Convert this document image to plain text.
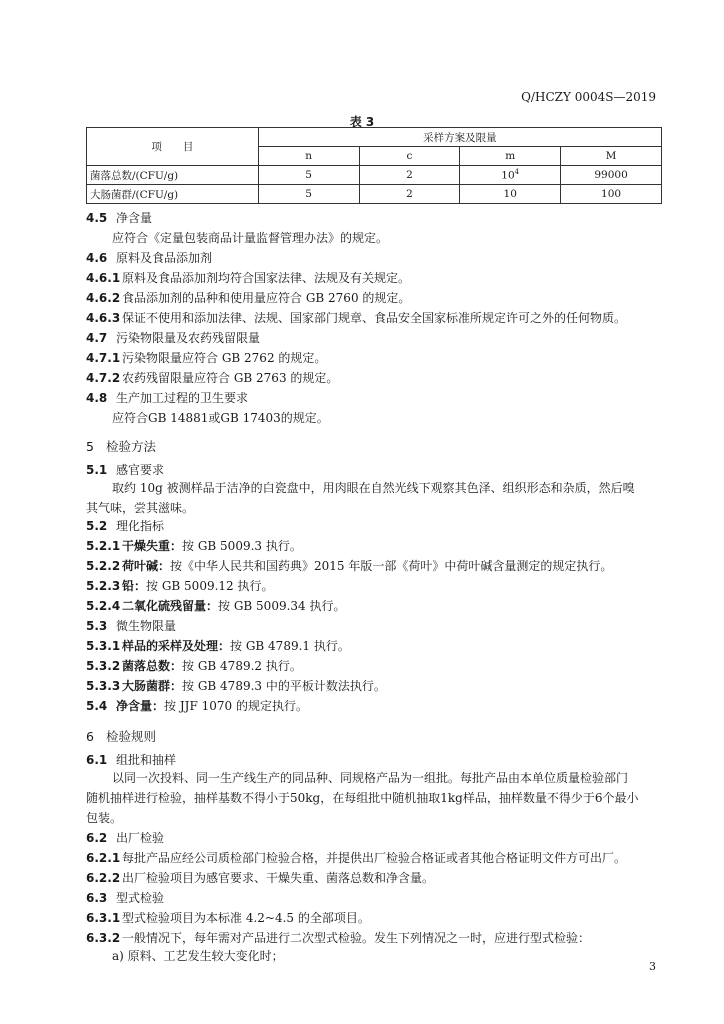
Q/HCZY 0004S—2019
表 3
项　　目	采样方案及限量			
	n	c	m	M
菌落总数/(CFU/g)	5	2	$10^4$	99000
大肠菌群/(CFU/g)	5	2	10	100
4.5 净含量
应符合《定量包装商品计量监督管理办法》的规定。
4.6 原料及食品添加剂
4.6.1 原料及食品添加剂均符合国家法律、法规及有关规定。
4.6.2 食品添加剂的品种和使用量应符合 GB 2760 的规定。
4.6.3 保证不使用和添加法律、法规、国家部门规章、食品安全国家标准所规定许可之外的任何物质。
4.7 污染物限量及农药残留限量
4.7.1 污染物限量应符合 GB 2762 的规定。
4.7.2 农药残留限量应符合 GB 2763 的规定。
4.8 生产加工过程的卫生要求
应符合GB 14881或GB 17403的规定。
5 检验方法
5.1 感官要求
取约 10g 被测样品于洁净的白瓷盘中，用肉眼在自然光线下观察其色泽、组织形态和杂质，然后嗅
其气味，尝其滋味。
5.2 理化指标
5.2.1 干燥失重：按 GB 5009.3 执行。
5.2.2 荷叶碱：按《中华人民共和国药典》2015 年版一部《荷叶》中荷叶碱含量测定的规定执行。
5.2.3 铅：按 GB 5009.12 执行。
5.2.4 二氧化硫残留量：按 GB 5009.34 执行。
5.3 微生物限量
5.3.1 样品的采样及处理：按 GB 4789.1 执行。
5.3.2 菌落总数：按 GB 4789.2 执行。
5.3.3 大肠菌群：按 GB 4789.3 中的平板计数法执行。
5.4 净含量：按 JJF 1070 的规定执行。
6 检验规则
6.1 组批和抽样
以同一次投料、同一生产线生产的同品种、同规格产品为一组批。每批产品由本单位质量检验部门
随机抽样进行检验，抽样基数不得小于50kg，在每组批中随机抽取1kg样品，抽样数量不得少于6个最小
包装。
6.2 出厂检验
6.2.1 每批产品应经公司质检部门检验合格，并提供出厂检验合格证或者其他合格证明文件方可出厂。
6.2.2 出厂检验项目为感官要求、干燥失重、菌落总数和净含量。
6.3 型式检验
6.3.1 型式检验项目为本标准 4.2~4.5 的全部项目。
6.3.2 一般情况下，每年需对产品进行二次型式检验。发生下列情况之一时，应进行型式检验：
a) 原料、工艺发生较大变化时；
3
